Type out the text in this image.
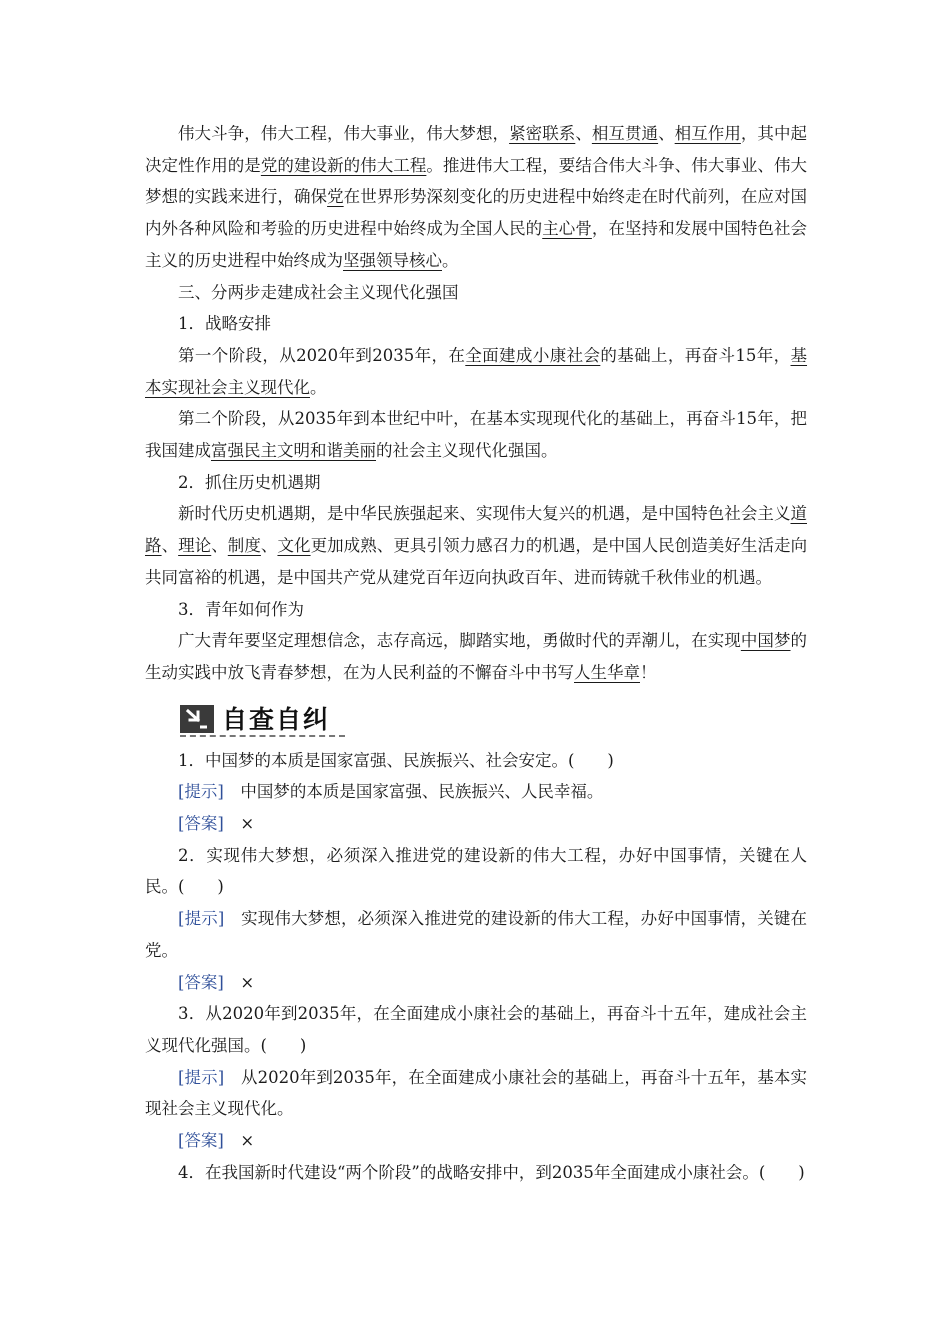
伟大斗争，伟大工程，伟大事业，伟大梦想，紧密联系、相互贯通、相互作用，其中起决定性作用的是党的建设新的伟大工程。推进伟大工程，要结合伟大斗争、伟大事业、伟大梦想的实践来进行，确保党在世界形势深刻变化的历史进程中始终走在时代前列，在应对国内外各种风险和考验的历史进程中始终成为全国人民的主心骨，在坚持和发展中国特色社会主义的历史进程中始终成为坚强领导核心。

三、分两步走建成社会主义现代化强国

1．战略安排

第一个阶段，从2020年到2035年，在全面建成小康社会的基础上，再奋斗15年，基本实现社会主义现代化。

第二个阶段，从2035年到本世纪中叶，在基本实现现代化的基础上，再奋斗15年，把我国建成富强民主文明和谐美丽的社会主义现代化强国。

2．抓住历史机遇期

新时代历史机遇期，是中华民族强起来、实现伟大复兴的机遇，是中国特色社会主义道路、理论、制度、文化更加成熟、更具引领力感召力的机遇，是中国人民创造美好生活走向共同富裕的机遇，是中国共产党从建党百年迈向执政百年、进而铸就千秋伟业的机遇。

3．青年如何作为

广大青年要坚定理想信念，志存高远，脚踏实地，勇做时代的弄潮儿，在实现中国梦的生动实践中放飞青春梦想，在为人民利益的不懈奋斗中书写人生华章！

自查自纠

1．中国梦的本质是国家富强、民族振兴、社会安定。(　　)

[提示]　中国梦的本质是国家富强、民族振兴、人民幸福。

[答案]　×

2．实现伟大梦想，必须深入推进党的建设新的伟大工程，办好中国事情，关键在人民。(　　)

[提示]　实现伟大梦想，必须深入推进党的建设新的伟大工程，办好中国事情，关键在党。

[答案]　×

3．从2020年到2035年，在全面建成小康社会的基础上，再奋斗十五年，建成社会主义现代化强国。(　　)

[提示]　从2020年到2035年，在全面建成小康社会的基础上，再奋斗十五年，基本实现社会主义现代化。

[答案]　×

4．在我国新时代建设“两个阶段”的战略安排中，到2035年全面建成小康社会。(　　)
